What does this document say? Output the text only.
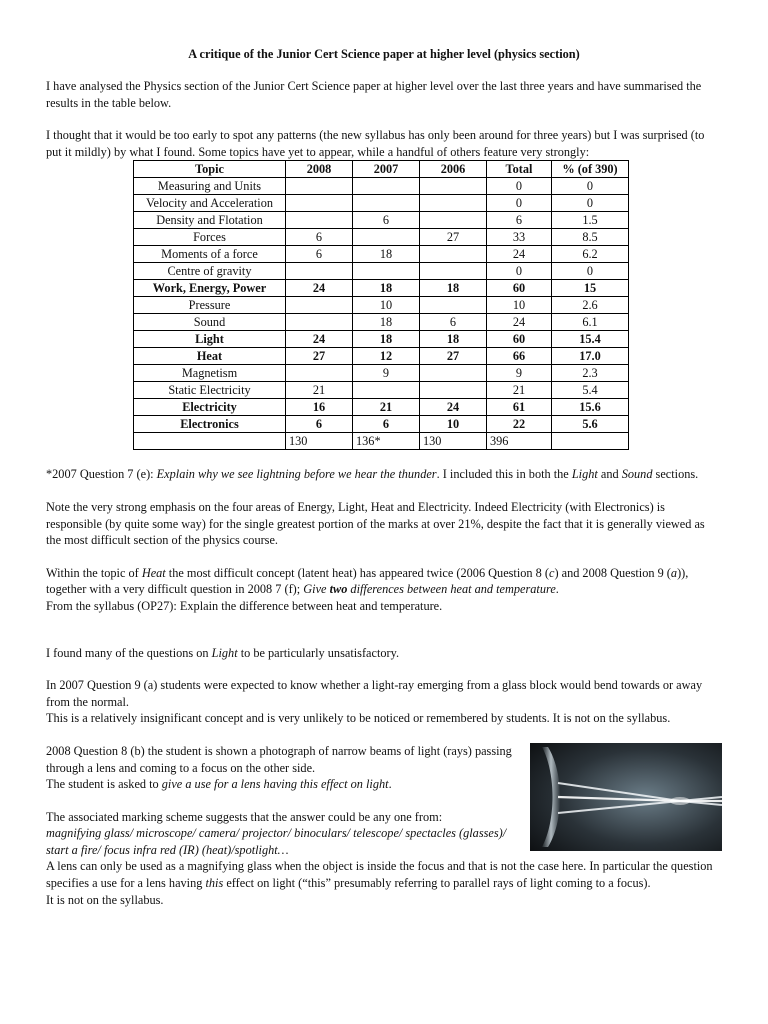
A critique of the Junior Cert Science paper at higher level (physics section)

I have analysed the Physics section of the Junior Cert Science paper at higher level over the last three years and have summarised the results in the table below.

I thought that it would be too early to spot any patterns (the new syllabus has only been around for three years) but I was surprised (to put it mildly) by what I found. Some topics have yet to appear, while a handful of others feature very strongly:

Topic	2008	2007	2006	Total	% (of 390)
Measuring and Units				0	0
Velocity and Acceleration				0	0
Density and Flotation		6		6	1.5
Forces	6		27	33	8.5
Moments of a force	6	18		24	6.2
Centre of gravity				0	0
Work, Energy, Power	24	18	18	60	15
Pressure		10		10	2.6
Sound		18	6	24	6.1
Light	24	18	18	60	15.4
Heat	27	12	27	66	17.0
Magnetism		9		9	2.3
Static Electricity	21			21	5.4
Electricity	16	21	24	61	15.6
Electronics	6	6	10	22	5.6
	130	136*	130	396	

*2007 Question 7 (e): Explain why we see lightning before we hear the thunder. I included this in both the Light and Sound sections.

Note the very strong emphasis on the four areas of Energy, Light, Heat and Electricity. Indeed Electricity (with Electronics) is responsible (by quite some way) for the single greatest portion of the marks at over 21%, despite the fact that it is generally viewed as the most difficult section of the physics course.

Within the topic of Heat the most difficult concept (latent heat) has appeared twice (2006 Question 8 (c) and 2008 Question 9 (a)), together with a very difficult question in 2008 7 (f); Give two differences between heat and temperature.

From the syllabus (OP27): Explain the difference between heat and temperature.

I found many of the questions on Light to be particularly unsatisfactory.

In 2007 Question 9 (a) students were expected to know whether a light-ray emerging from a glass block would bend towards or away from the normal.

This is a relatively insignificant concept and is very unlikely to be noticed or remembered by students. It is not on the syllabus.

2008 Question 8 (b) the student is shown a photograph of narrow beams of light (rays) passing through a lens and coming to a focus on the other side.

The student is asked to give a use for a lens having this effect on light.

The associated marking scheme suggests that the answer could be any one from:

magnifying glass/ microscope/ camera/ projector/ binoculars/ telescope/ spectacles (glasses)/ start a fire/ focus infra red (IR) (heat)/spotlight…

A lens can only be used as a magnifying glass when the object is inside the focus and that is not the case here. In particular the question specifies a use for a lens having this effect on light (“this” presumably referring to parallel rays of light coming to a focus).

It is not on the syllabus.
